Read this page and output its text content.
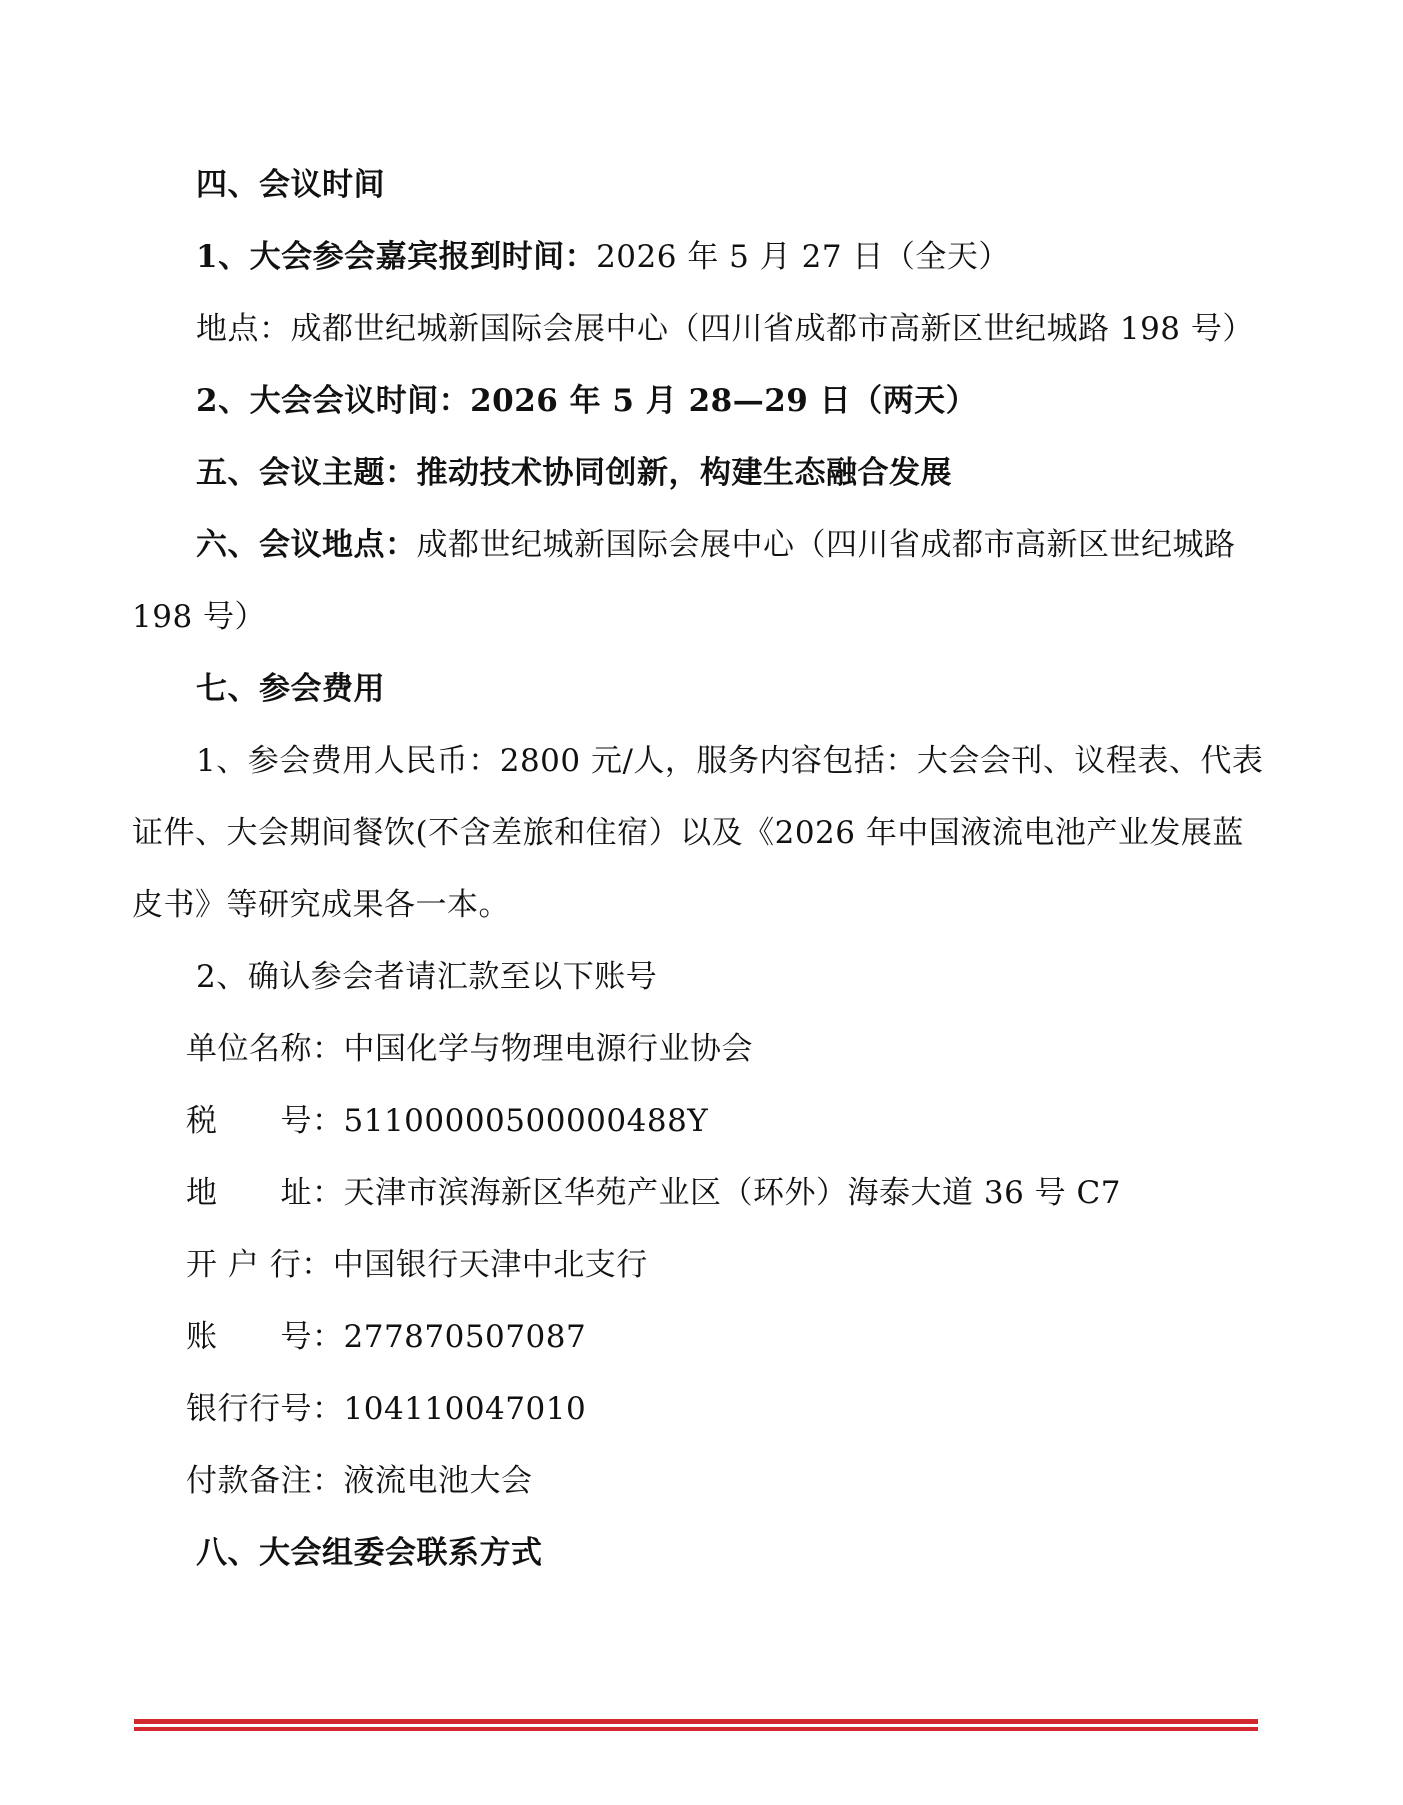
四、会议时间
1、大会参会嘉宾报到时间：2026 年 5 月 27 日（全天）
地点：成都世纪城新国际会展中心（四川省成都市高新区世纪城路 198 号）
2、大会会议时间：2026 年 5 月 28—29 日（两天）
五、会议主题：推动技术协同创新，构建生态融合发展
六、会议地点：成都世纪城新国际会展中心（四川省成都市高新区世纪城路
198 号）
七、参会费用
1、参会费用人民币：2800 元/人，服务内容包括：大会会刊、议程表、代表
证件、大会期间餐饮(不含差旅和住宿）以及《2026 年中国液流电池产业发展蓝
皮书》等研究成果各一本。
2、确认参会者请汇款至以下账号
单位名称：中国化学与物理电源行业协会
税　　号：51100000500000488Y
地　　址：天津市滨海新区华苑产业区（环外）海泰大道 36 号 C7
开 户 行：中国银行天津中北支行
账　　号：277870507087
银行行号：104110047010
付款备注：液流电池大会
八、大会组委会联系方式
